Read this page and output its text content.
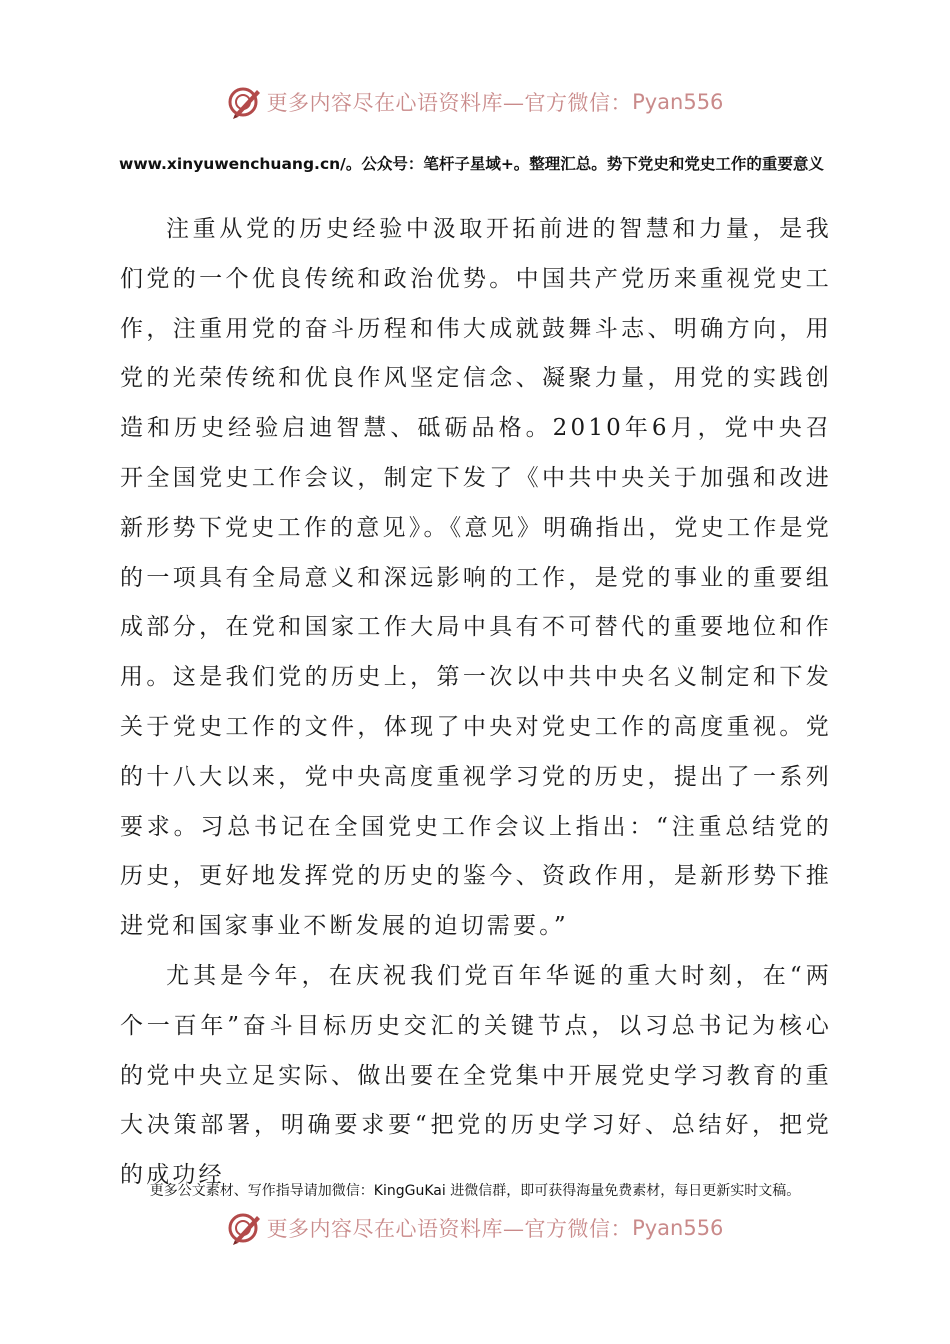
更多内容尽在心语资料库—官方微信： Pyan556
www.xinyuwenchuang.cn/。公众号：笔杆子星域+。整理汇总。势下党史和党史工作的重要意义

注重从党的历史经验中汲取开拓前进的智慧和力量，是我们党的一个优良传统和政治优势。中国共产党历来重视党史工作，注重用党的奋斗历程和伟大成就鼓舞斗志、明确方向，用党的光荣传统和优良作风坚定信念、凝聚力量，用党的实践创造和历史经验启迪智慧、砥砺品格。2010年6月，党中央召开全国党史工作会议，制定下发了《中共中央关于加强和改进新形势下党史工作的意见》。《意见》明确指出，党史工作是党的一项具有全局意义和深远影响的工作，是党的事业的重要组成部分，在党和国家工作大局中具有不可替代的重要地位和作用。这是我们党的历史上，第一次以中共中央名义制定和下发关于党史工作的文件，体现了中央对党史工作的高度重视。党的十八大以来，党中央高度重视学习党的历史，提出了一系列要求。习总书记在全国党史工作会议上指出：“注重总结党的历史，更好地发挥党的历史的鉴今、资政作用，是新形势下推进党和国家事业不断发展的迫切需要。”

尤其是今年，在庆祝我们党百年华诞的重大时刻，在“两个一百年”奋斗目标历史交汇的关键节点，以习总书记为核心的党中央立足实际、做出要在全党集中开展党史学习教育的重大决策部署，明确要求要“把党的历史学习好、总结好，把党的成功经

更多公文素材、写作指导请加微信：KingGuKai 进微信群，即可获得海量免费素材，每日更新实时文稿。
更多内容尽在心语资料库—官方微信： Pyan556
